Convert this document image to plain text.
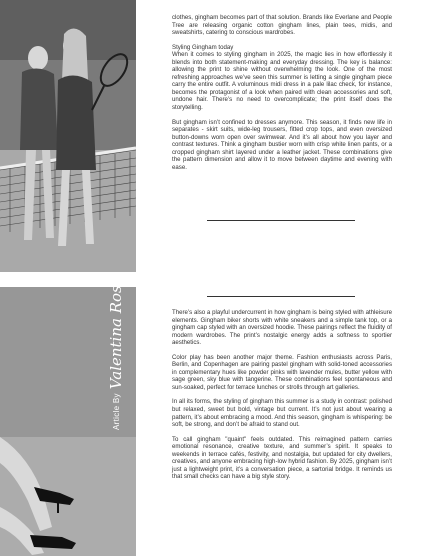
Article By
Valentina Rosa

clothes, gingham becomes part of that solution. Brands like Everlane and People Tree are releasing organic cotton gingham lines, plain tees, midis, and sweatshirts, catering to conscious wardrobes.

Styling Gingham today
When it comes to styling gingham in 2025, the magic lies in how effortlessly it blends into both statement-making and everyday dressing. The key is balance: allowing the print to shine without overwhelming the look. One of the most refreshing approaches we’ve seen this summer is letting a single gingham piece carry the entire outfit. A voluminous midi dress in a pale lilac check, for instance, becomes the protagonist of a look when paired with clean accessories and soft, undone hair. There’s no need to overcomplicate; the print itself does the storytelling.

But gingham isn’t confined to dresses anymore. This season, it finds new life in separates - skirt suits, wide-leg trousers, fitted crop tops, and even oversized button-downs worn open over swimwear. And it’s all about how you layer and contrast textures. Think a gingham bustier worn with crisp white linen pants, or a cropped gingham shirt layered under a leather jacket. These combinations give the pattern dimension and allow it to move between daytime and evening with ease.

There’s also a playful undercurrent in how gingham is being styled with athleisure elements. Gingham biker shorts with white sneakers and a simple tank top, or a gingham cap styled with an oversized hoodie. These pairings reflect the fluidity of modern wardrobes. The print’s nostalgic energy adds a softness to sportier aesthetics.

Color play has been another major theme. Fashion enthusiasts across Paris, Berlin, and Copenhagen are pairing pastel gingham with solid-toned accessories in complementary hues like powder pinks with lavender mules, butter yellow with sage green, sky blue with tangerine. These combinations feel spontaneous and sun-soaked, perfect for terrace lunches or strolls through art galleries.

In all its forms, the styling of gingham this summer is a study in contrast: polished but relaxed, sweet but bold, vintage but current. It’s not just about wearing a pattern, it’s about embracing a mood. And this season, gingham is whispering: be soft, be strong, and don’t be afraid to stand out.

To call gingham "quaint" feels outdated. This reimagined pattern carries emotional resonance, creative texture, and summer’s spirit. It speaks to weekends in terrace cafés, festivity, and nostalgia, but updated for city dwellers, creatives, and anyone embracing high-low hybrid fashion. By 2025, gingham isn’t just a lightweight print, it’s a conversation piece, a sartorial bridge. It reminds us that small checks can have a big style story.
